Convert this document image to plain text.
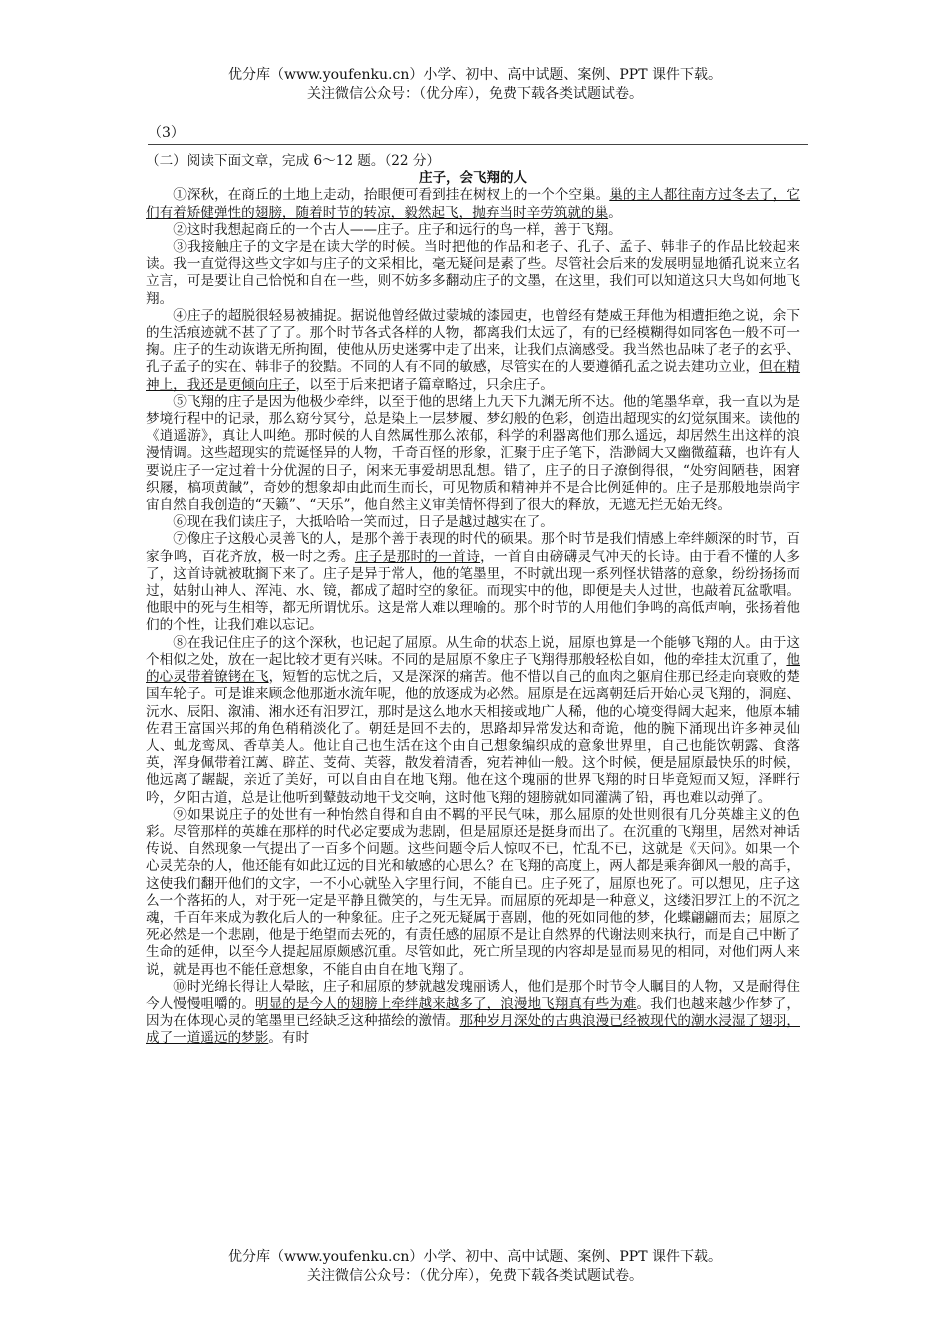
优分库（www.youfenku.cn）小学、初中、高中试题、案例、PPT 课件下载。
关注微信公众号：（优分库），免费下载各类试题试卷。
（3）
（二）阅读下面文章，完成 6～12 题。（22 分）
庄子，会飞翔的人

①深秋，在商丘的土地上走动，抬眼便可看到挂在树杈上的一个个空巢。巢的主人都往南方过冬去了，它们有着矫健弹性的翅膀，随着时节的转凉，毅然起飞，抛弃当时辛劳筑就的巢。

②这时我想起商丘的一个古人——庄子。庄子和远行的鸟一样，善于飞翔。

③我接触庄子的文字是在读大学的时候。当时把他的作品和老子、孔子、孟子、韩非子的作品比较起来读。我一直觉得这些文字如与庄子的文采相比，毫无疑问是素了些。尽管社会后来的发展明显地循孔说来立名立言，可是要让自己恰悦和自在一些，则不妨多多翻动庄子的文墨，在这里，我们可以知道这只大鸟如何地飞翔。

④庄子的超脱很轻易被捕捉。据说他曾经做过蒙城的漆园吏，也曾经有楚威王拜他为相遭拒绝之说，余下的生活痕迹就不甚了了了。那个时节各式各样的人物，都离我们太远了，有的已经模糊得如同客色一般不可一掬。庄子的生动诙谐无所拘囿，使他从历史迷雾中走了出来，让我们点滴感受。我当然也品味了老子的玄乎、孔子孟子的实在、韩非子的狡黠。不同的人有不同的敏感，尽管实在的人要遵循孔孟之说去建功立业，但在精神上，我还是更倾向庄子，以至于后来把诸子篇章略过，只余庄子。

⑤飞翔的庄子是因为他极少牵绊，以至于他的思绪上九天下九渊无所不达。他的笔墨华章，我一直以为是梦境行程中的记录，那么窈兮冥兮，总是染上一层梦履、梦幻般的色彩，创造出超现实的幻觉氛围来。读他的《逍遥游》，真让人叫绝。那时候的人自然属性那么浓郁，科学的利器离他们那么遥远，却居然生出这样的浪漫情调。这些超现实的荒诞怪异的人物，千奇百怪的形象，汇聚于庄子笔下，浩渺阔大又幽微蕴藉，也许有人要说庄子一定过着十分优渥的日子，闲来无事爱胡思乱想。错了，庄子的日子潦倒得很，“处穷闾陋巷，困窘织屦，槁项黄馘”，奇妙的想象却由此而生而长，可见物质和精神并不是合比例延伸的。庄子是那般地崇尚宇宙自然自我创造的“天籁”、“天乐”，他自然主义审美情怀得到了很大的释放，无遮无拦无始无终。

⑥现在我们读庄子，大抵哈哈一笑而过，日子是越过越实在了。

⑦像庄子这般心灵善飞的人，是那个善于表现的时代的硕果。那个时节是我们情感上牵绊颇深的时节，百家争鸣，百花齐放，极一时之秀。庄子是那时的一首诗，一首自由磅礴灵气冲天的长诗。由于看不懂的人多了，这首诗就被耽搁下来了。庄子是异于常人，他的笔墨里，不时就出现一系列怪状错落的意象，纷纷扬扬而过，姑射山神人、浑沌、水、镜，都成了超时空的象征。而现实中的他，即便是夫人过世，也敲着瓦盆歌唱。他眼中的死与生相等，都无所谓忧乐。这是常人难以理喻的。那个时节的人用他们争鸣的高低声响，张扬着他们的个性，让我们难以忘记。

⑧在我记住庄子的这个深秋，也记起了屈原。从生命的状态上说，屈原也算是一个能够飞翔的人。由于这个相似之处，放在一起比较才更有兴味。不同的是屈原不象庄子飞翔得那般轻松自如，他的牵挂太沉重了，他的心灵带着镣铐在飞，短暂的忘忧之后，又是深深的痛苦。他不惜以自己的血肉之躯肩住那已经走向衰败的楚国车轮子。可是谁来顾念他那逝水流年呢，他的放逐成为必然。屈原是在远离朝廷后开始心灵飞翔的，洞庭、沅水、辰阳、溆浦、湘水还有汨罗江，那时是这么地水天相接或地广人稀，他的心境变得阔大起来，他原本辅佐君王富国兴邦的角色稍稍淡化了。朝廷是回不去的，思路却异常发达和奇诡，他的腕下涌现出许多神灵仙人、虬龙鸾凤、香草美人。他让自己也生活在这个由自己想象编织成的意象世界里，自己也能饮朝露、食落英，浑身佩带着江蓠、辟芷、芰荷、芙蓉，散发着清香，宛若神仙一般。这个时候，便是屈原最快乐的时候，他远离了龌龊，亲近了美好，可以自由自在地飞翔。他在这个瑰丽的世界飞翔的时日毕竟短而又短，泽畔行吟，夕阳古道，总是让他听到鼙鼓动地干戈交响，这时他飞翔的翅膀就如同灌满了铅，再也难以动弹了。

⑨如果说庄子的处世有一种怡然自得和自由不羁的平民气味，那么屈原的处世则很有几分英雄主义的色彩。尽管那样的英雄在那样的时代必定要成为悲剧，但是屈原还是挺身而出了。在沉重的飞翔里，居然对神话传说、自然现象一气提出了一百多个问题。这些问题令后人惊叹不已，忙乱不已，这就是《天问》。如果一个心灵芜杂的人，他还能有如此辽远的目光和敏感的心思么？在飞翔的高度上，两人都是乘奔御风一般的高手，这使我们翻开他们的文字，一不小心就坠入字里行间，不能自已。庄子死了，屈原也死了。可以想见，庄子这么一个落拓的人，对于死一定是平静且微笑的，与生无异。而屈原的死却是一种意义，这缕汨罗江上的不沉之魂，千百年来成为教化后人的一种象征。庄子之死无疑属于喜剧，他的死如同他的梦，化蝶翩翩而去；屈原之死必然是一个悲剧，他是于绝望而去死的，有责任感的屈原不是让自然界的代谢法则来执行，而是自己中断了生命的延伸，以至今人提起屈原颇感沉重。尽管如此，死亡所呈现的内容却是显而易见的相同，对他们两人来说，就是再也不能任意想象，不能自由自在地飞翔了。

⑩时光绵长得让人晕眩，庄子和屈原的梦就越发瑰丽诱人，他们是那个时节令人瞩目的人物，又是耐得住今人慢慢咀嚼的。明显的是今人的翅膀上牵绊越来越多了，浪漫地飞翔真有些为难。我们也越来越少作梦了，因为在体现心灵的笔墨里已经缺乏这种描绘的激情。那种岁月深处的古典浪漫已经被现代的潮水浸湿了翅羽，成了一道遥远的梦影。有时

优分库（www.youfenku.cn）小学、初中、高中试题、案例、PPT 课件下载。
关注微信公众号：（优分库），免费下载各类试题试卷。
